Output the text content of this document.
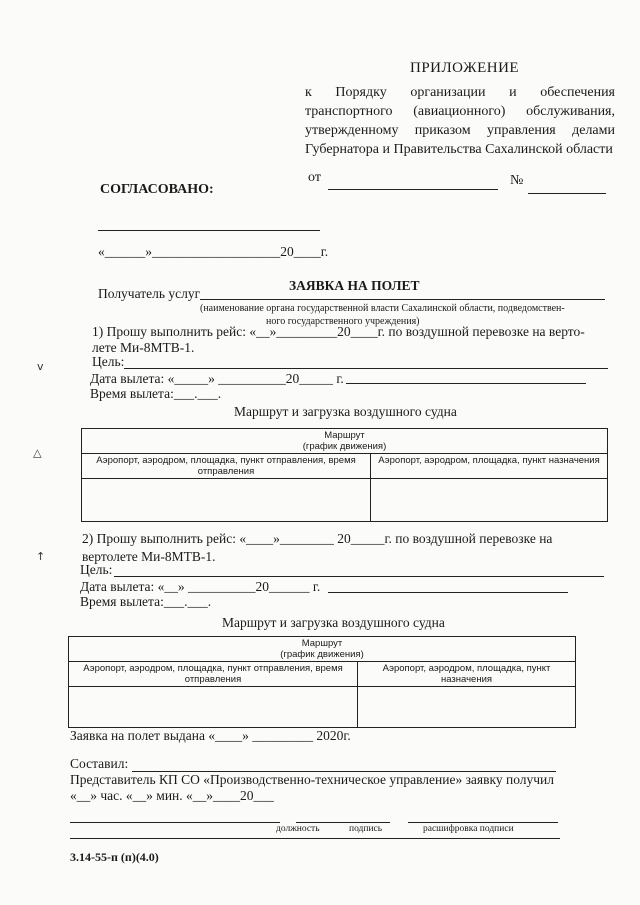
ПРИЛОЖЕНИЕ
к Порядку организации и обеспечения транспортного (авиационного) обслуживания, утвержденному приказом управления делами Губернатора и Правительства Сахалинской области
от	№
СОГЛАСОВАНО:
«______»___________________20____г.
ЗАЯВКА НА ПОЛЕТ
Получатель услуг
(наименование органа государственной власти Сахалинской области, подведомствен-
ного государственного учреждения)
1) Прошу выполнить рейс: «__»_________20____г. по воздушной перевозке на верто-
лете Ми-8МТВ-1.
Цель:
Дата вылета: «_____» __________20_____ г.
Время вылета:___.___.
Маршрут и загрузка воздушного судна
Маршрут
(график движения)	

Аэропорт, аэродром, площадка, пункт отправления, время отправления	Аэропорт, аэродром, площадка, пункт назначения

2) Прошу выполнить рейс: «____»________ 20_____г. по воздушной перевозке на
вертолете Ми-8МТВ-1.
Цель:
Дата вылета: «__» __________20______ г.
Время вылета:___.___.
Маршрут и загрузка воздушного судна
Маршрут
(график движения)	

Аэропорт, аэродром, площадка, пункт отправления, время отправления	Аэропорт, аэродром, площадка, пункт назначения

Заявка на полет выдана «____» _________ 2020г.
Составил:
Представитель КП СО «Производственно-техническое управление» заявку получил
«__» час. «__» мин. «__»____20___
должность	подпись	расшифровка подписи
3.14-55-п (п)(4.0)
v
◁
↑
